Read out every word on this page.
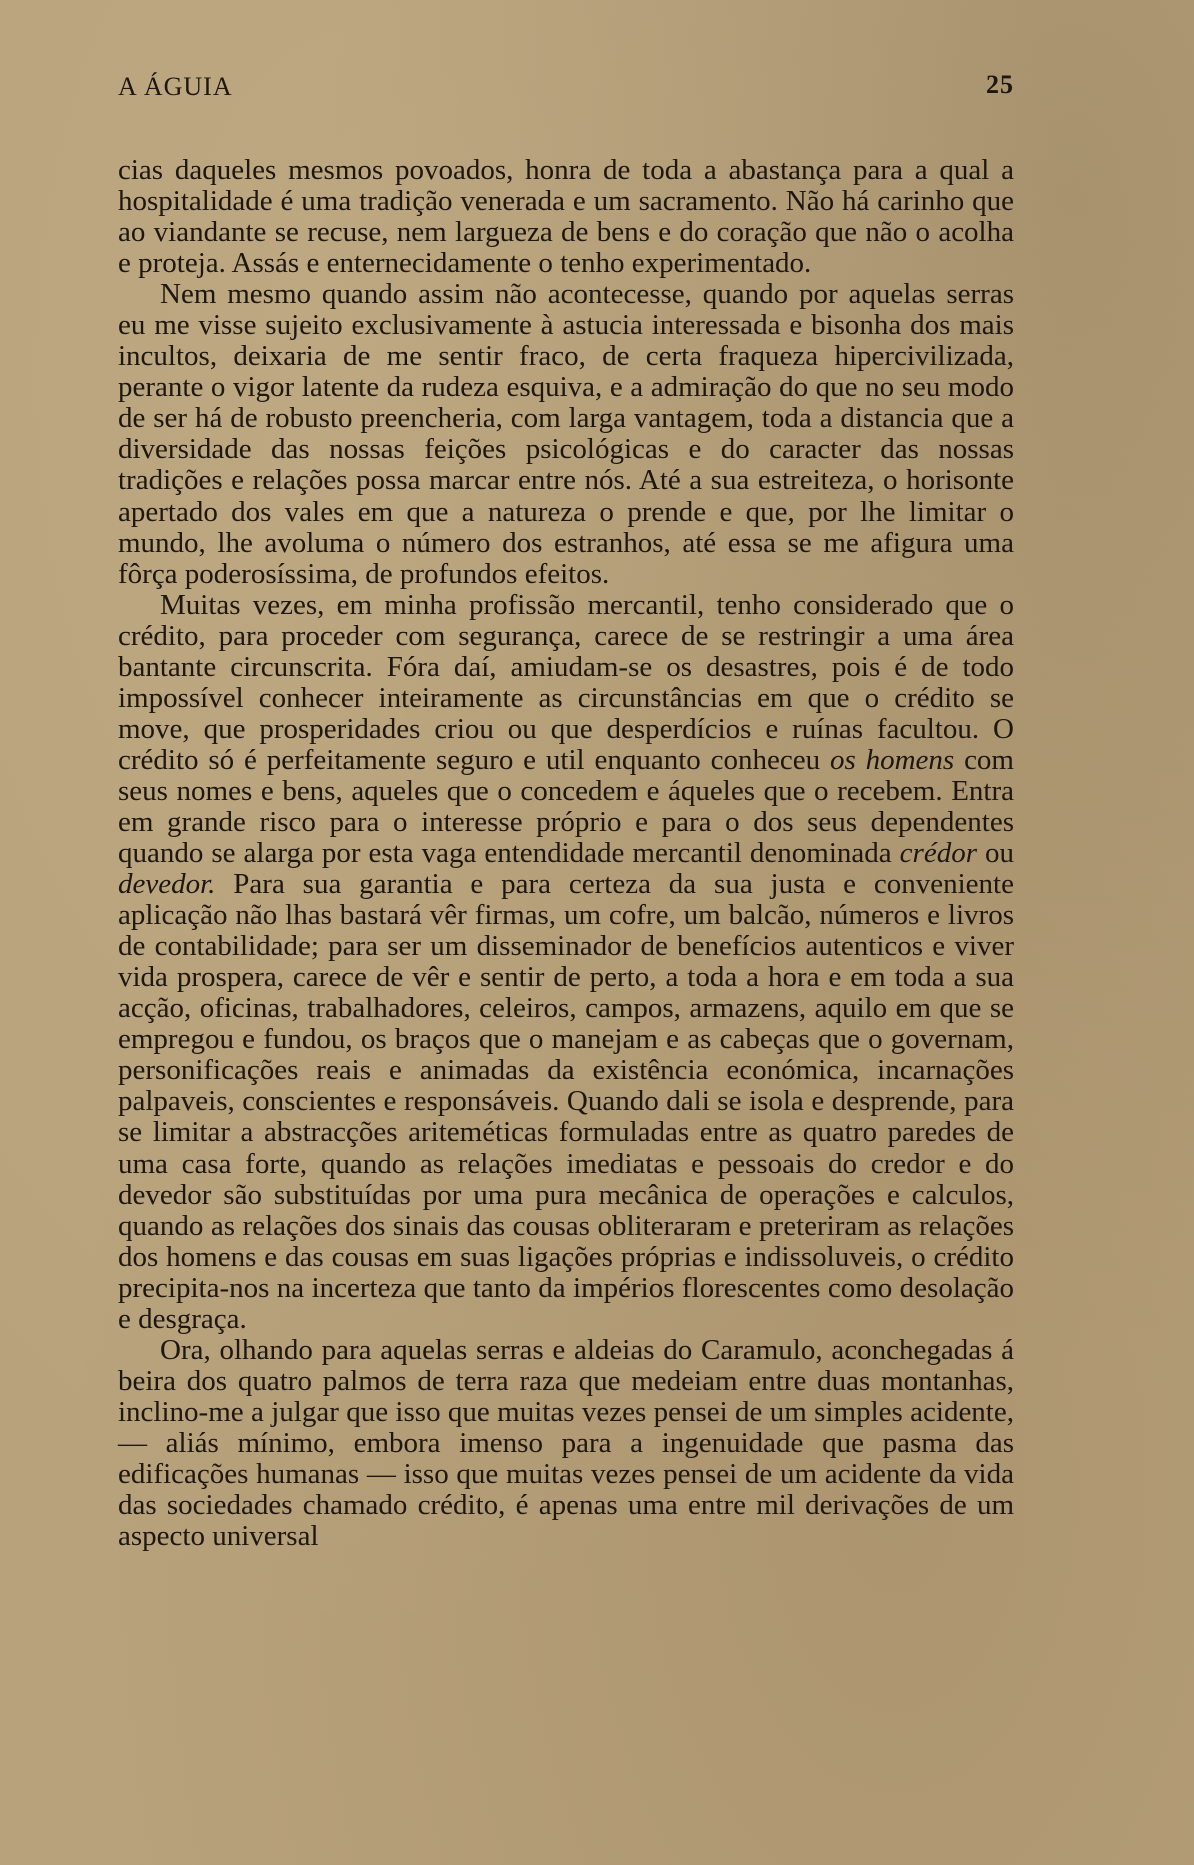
A ÁGUIA	25

cias daqueles mesmos povoados, honra de toda a abastança para a qual a hospitalidade é uma tradição venerada e um sacramento. Não há carinho que ao viandante se recuse, nem largueza de bens e do coração que não o acolha e proteja. Assás e enternecidamente o tenho experimentado.

Nem mesmo quando assim não acontecesse, quando por aquelas serras eu me visse sujeito exclusivamente à astucia interessada e bisonha dos mais incultos, deixaria de me sentir fraco, de certa fraqueza hipercivilizada, perante o vigor latente da rudeza esquiva, e a admiração do que no seu modo de ser há de robusto preencheria, com larga vantagem, toda a distancia que a diversidade das nossas feições psicológicas e do caracter das nossas tradições e relações possa marcar entre nós. Até a sua estreiteza, o horisonte apertado dos vales em que a natureza o prende e que, por lhe limitar o mundo, lhe avoluma o número dos estranhos, até essa se me afigura uma fôrça poderosíssima, de profundos efeitos.

Muitas vezes, em minha profissão mercantil, tenho considerado que o crédito, para proceder com segurança, carece de se restringir a uma área bantante circunscrita. Fóra daí, amiudam-se os desastres, pois é de todo impossível conhecer inteiramente as circunstâncias em que o crédito se move, que prosperidades criou ou que desperdícios e ruínas facultou. O crédito só é perfeitamente seguro e util enquanto conheceu os homens com seus nomes e bens, aqueles que o concedem e áqueles que o recebem. Entra em grande risco para o interesse próprio e para o dos seus dependentes quando se alarga por esta vaga entendidade mercantil denominada crédor ou devedor. Para sua garantia e para certeza da sua justa e conveniente aplicação não lhas bastará vêr firmas, um cofre, um balcão, números e livros de contabilidade; para ser um disseminador de benefícios autenticos e viver vida prospera, carece de vêr e sentir de perto, a toda a hora e em toda a sua acção, oficinas, trabalhadores, celeiros, campos, armazens, aquilo em que se empregou e fundou, os braços que o manejam e as cabeças que o governam, personificações reais e animadas da existência económica, incarnações palpaveis, conscientes e responsáveis. Quando dali se isola e desprende, para se limitar a abstracções ariteméticas formuladas entre as quatro paredes de uma casa forte, quando as relações imediatas e pessoais do credor e do devedor são substituídas por uma pura mecânica de operações e calculos, quando as relações dos sinais das cousas obliteraram e preteriram as relações dos homens e das cousas em suas ligações próprias e indissoluveis, o crédito precipita-nos na incerteza que tanto da impérios florescentes como desolação e desgraça.

Ora, olhando para aquelas serras e aldeias do Caramulo, aconchegadas á beira dos quatro palmos de terra raza que medeiam entre duas montanhas, inclino-me a julgar que isso que muitas vezes pensei de um simples acidente, — aliás mínimo, embora imenso para a ingenuidade que pasma das edificações humanas — isso que muitas vezes pensei de um acidente da vida das sociedades chamado crédito, é apenas uma entre mil derivações de um aspecto universal
